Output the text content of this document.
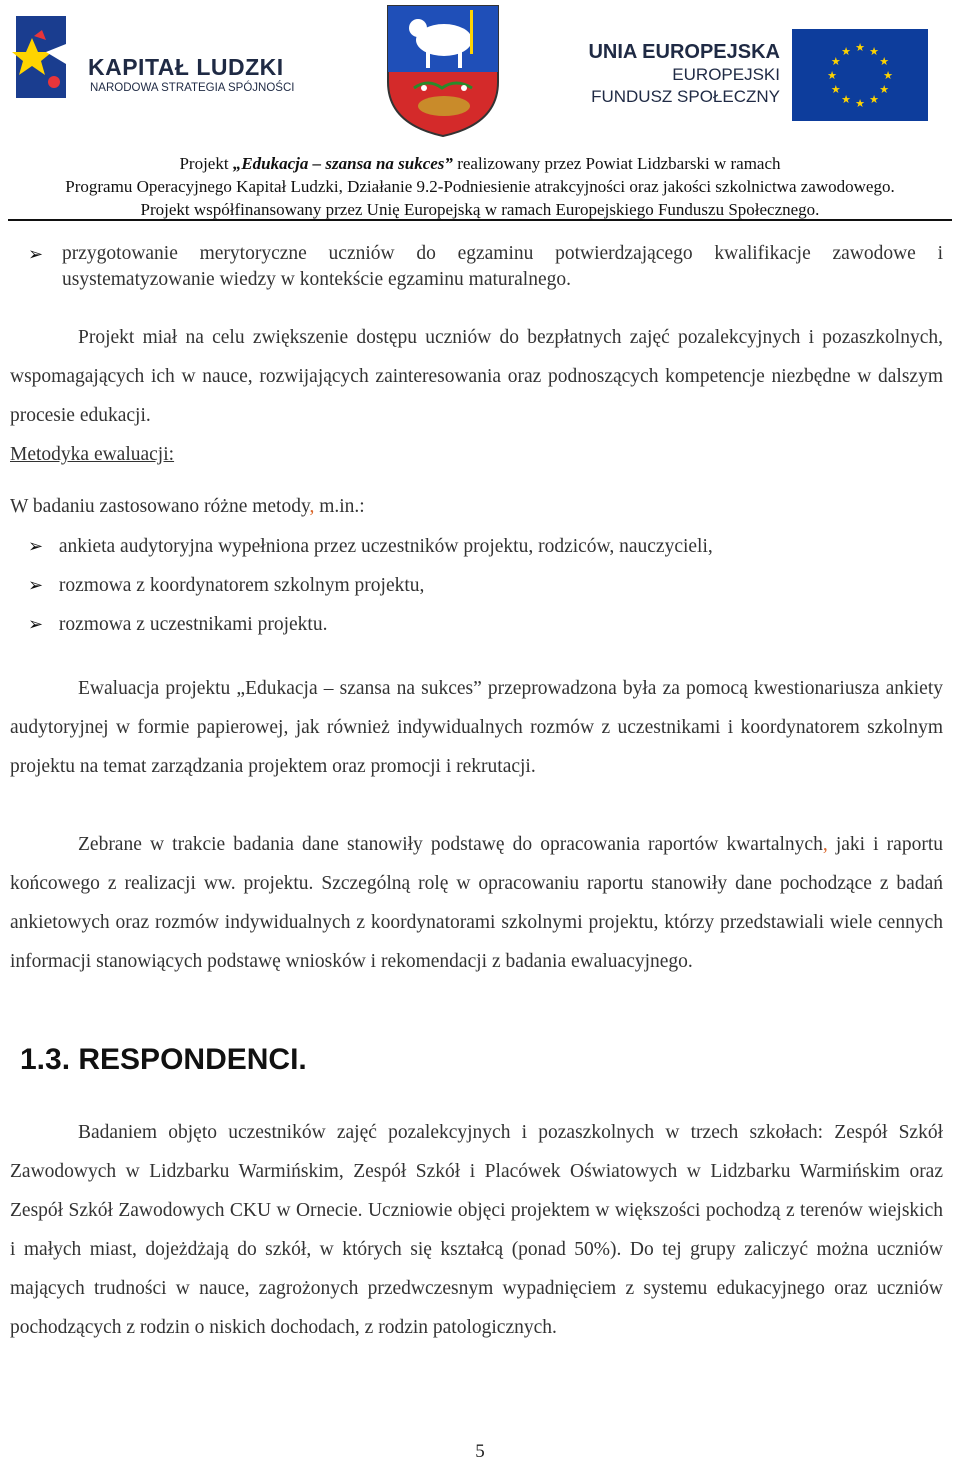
KAPITAŁ LUDZKI
NARODOWA STRATEGIA SPÓJNOŚCI
UNIA EUROPEJSKA
EUROPEJSKI
FUNDUSZ SPOŁECZNY
★ ★
★
★
★
★
★
★
★
★
★
★
Projekt „Edukacja – szansa na sukces” realizowany przez Powiat Lidzbarski w ramach
Programu Operacyjnego Kapitał Ludzki, Działanie 9.2-Podniesienie atrakcyjności oraz jakości szkolnictwa zawodowego.
Projekt współfinansowany przez Unię Europejską w ramach Europejskiego Funduszu Społecznego.
➢ przygotowanie merytoryczne uczniów do egzaminu potwierdzającego kwalifikacje zawodowe i usystematyzowanie wiedzy w kontekście egzaminu maturalnego.
Projekt miał na celu zwiększenie dostępu uczniów do bezpłatnych zajęć pozalekcyjnych i pozaszkolnych, wspomagających ich w nauce, rozwijających zainteresowania oraz podnoszących kompetencje niezbędne w dalszym procesie edukacji.
Metodyka ewaluacji:
W badaniu zastosowano różne metody, m.in.:
➢ ankieta audytoryjna wypełniona przez uczestników projektu, rodziców, nauczycieli,
➢ rozmowa z koordynatorem szkolnym projektu,
➢ rozmowa z uczestnikami projektu.
Ewaluacja projektu „Edukacja – szansa na sukces” przeprowadzona była za pomocą kwestionariusza ankiety audytoryjnej w formie papierowej, jak również indywidualnych rozmów z uczestnikami i koordynatorem szkolnym projektu na temat zarządzania projektem oraz promocji i rekrutacji.
Zebrane w trakcie badania dane stanowiły podstawę do opracowania raportów kwartalnych, jaki i raportu końcowego z realizacji ww. projektu. Szczególną rolę w opracowaniu raportu stanowiły dane pochodzące z badań ankietowych oraz rozmów indywidualnych z koordynatorami szkolnymi projektu, którzy przedstawiali wiele cennych informacji stanowiących podstawę wniosków i rekomendacji z badania ewaluacyjnego.
1.3. RESPONDENCI.
Badaniem objęto uczestników zajęć pozalekcyjnych i pozaszkolnych w trzech szkołach: Zespół Szkół Zawodowych w Lidzbarku Warmińskim, Zespół Szkół i Placówek Oświatowych w Lidzbarku Warmińskim oraz Zespół Szkół Zawodowych CKU w Ornecie. Uczniowie objęci projektem w większości pochodzą z terenów wiejskich i małych miast, dojeżdżają do szkół, w których się kształcą (ponad 50%). Do tej grupy zaliczyć można uczniów mających trudności w nauce, zagrożonych przedwczesnym wypadnięciem z systemu edukacyjnego oraz uczniów pochodzących z rodzin o niskich dochodach, z rodzin patologicznych.
5
